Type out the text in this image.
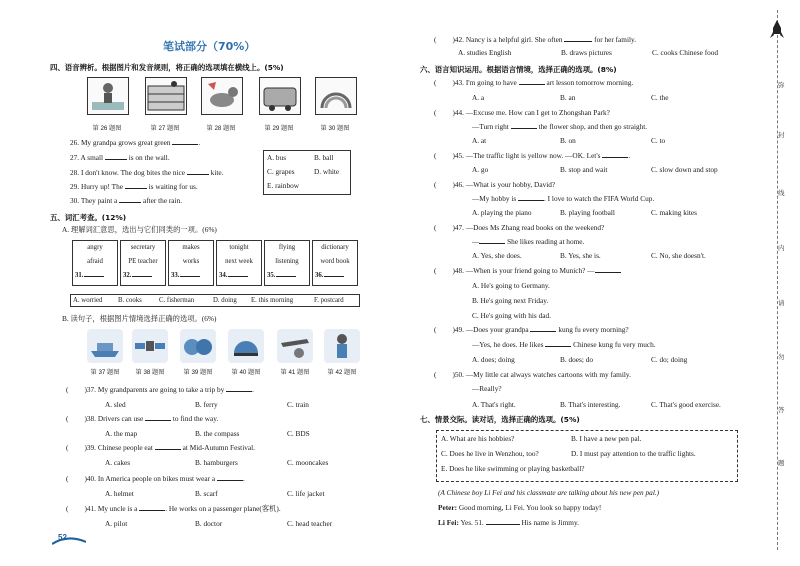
笔试部分（70%）
四、语音辨析。根据图片和发音规则，将正确的选项填在横线上。(5%)
第 26 题图	第 27 题图	第 28 题图	第 29 题图	第 30 题图
26. My grandpa grows great green	.
27. A small	is on the wall.
28. I don't know. The dog bites the nice	kite.
29. Hurry up! The	is waiting for us.
30. They paint a	after the rain.
A. bus	B. ball
C. grapes	D. white
E. rainbow
五、词汇考查。(12%)
A. 理解词汇意思，选出与它们同类的一项。(6%)
angry
afraid
31.
secretary
PE teacher
32.
makes
works
33.
tonight
next week
34.
flying
listening
35.
dictionary
word book
36.
A. worried B. cooks	C. fisherman	D. doing E. this morning	F. postcard
B. 读句子，根据图片情境选择正确的选项。(6%)
第 37 题图	第 38 题图	第 39 题图	第 40 题图	第 41 题图	第 42 题图
( )37. My grandparents are going to take a trip by	.
A. sled	B. ferry	C. train
( )38. Drivers can use	to find the way.
A. the map	B. the compass	C. BDS
( )39. Chinese people eat	at Mid-Autumn Festival.
A. cakes	B. hamburgers	C. mooncakes
( )40. In America people on bikes must wear a	.
A. helmet	B. scarf	C. life jacket
( )41. My uncle is a	. He works on a passenger plane(客机).
A. pilot	B. doctor	C. head teacher
52
( )42. Nancy is a helpful girl. She often	for her family.
A. studies English	B. draws pictures	C. cooks Chinese food
六、语言知识运用。根据语言情境，选择正确的选项。(8%)
( )43. I'm going to have	art lesson tomorrow morning.
A. a	B. an	C. the
( )44. —Excuse me. How can I get to Zhongshan Park?
—Turn right	the flower shop, and then go straight.
A. at	B. on	C. to
( )45. —The traffic light is yellow now. —OK. Let's	.
A. go	B. stop and wait	C. slow down and stop
( )46. —What is your hobby, David?
—My hobby is	. I love to watch the FIFA World Cup.
A. playing the piano	B. playing football	C. making kites
( )47. —Does Ms Zhang read books on the weekend?
—	She likes reading at home.
A. Yes, she does.	B. Yes, she is.	C. No, she doesn't.
( )48. —When is your friend going to Munich? —
A. He's going to Germany.
B. He's going next Friday.
C. He's going with his dad.
( )49. —Does your grandpa	kung fu every morning?
—Yes, he does. He likes	Chinese kung fu very much.
A. does; doing	B. does; do	C. do; doing
( )50. —My little cat always watches cartoons with my family.
—Really?
A. That's right.	B. That's interesting.	C. That's good exercise.
七、情景交际。读对话，选择正确的选项。(5%)
A. What are his hobbies?	B. I have a new pen pal.
C. Does he live in Wenzhou, too?	D. I must pay attention to the traffic lights.
E. Does he like swimming or playing basketball?
(A Chinese boy Li Fei and his classmate are talking about his new pen pal.)
Peter: Good morning, Li Fei. You look so happy today!
Li Fei: Yes. 51.	His name is Jimmy.
弥
封
线
内
请
勿
答
题
